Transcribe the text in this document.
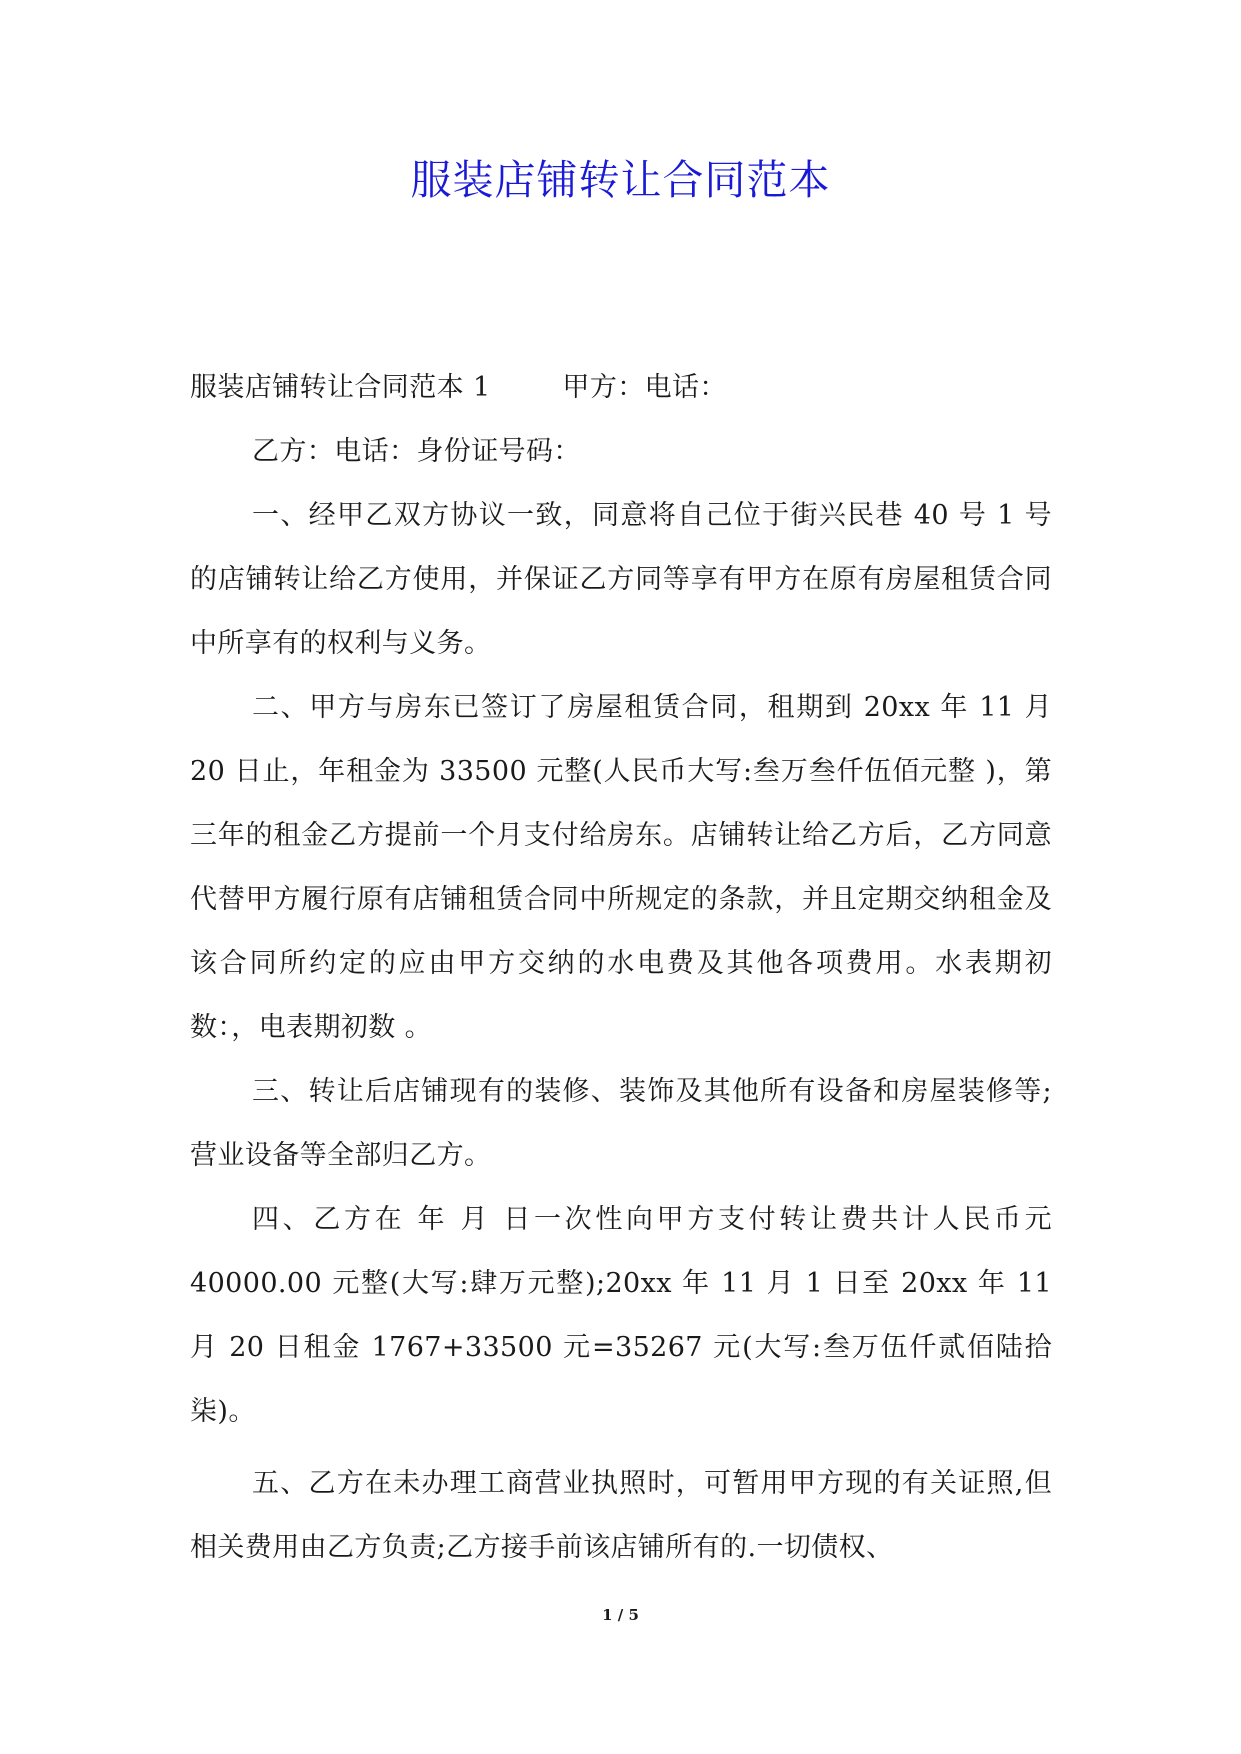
服装店铺转让合同范本

服装店铺转让合同范本 1        甲方：电话：

乙方：电话：身份证号码：

一、经甲乙双方协议一致，同意将自己位于街兴民巷 40 号 1 号的店铺转让给乙方使用，并保证乙方同等享有甲方在原有房屋租赁合同中所享有的权利与义务。

二、甲方与房东已签订了房屋租赁合同，租期到 20xx 年 11 月 20 日止，年租金为 33500 元整(人民币大写:叁万叁仟伍佰元整 )，第三年的租金乙方提前一个月支付给房东。店铺转让给乙方后，乙方同意代替甲方履行原有店铺租赁合同中所规定的条款，并且定期交纳租金及该合同所约定的应由甲方交纳的水电费及其他各项费用。水表期初数：，电表期初数 。

三、转让后店铺现有的装修、装饰及其他所有设备和房屋装修等;营业设备等全部归乙方。

四、乙方在 年 月 日一次性向甲方支付转让费共计人民币元 40000.00 元整(大写:肆万元整);20xx 年 11 月 1 日至 20xx 年 11 月 20 日租金 1767+33500 元=35267 元(大写:叁万伍仟贰佰陆拾柒)。

五、乙方在未办理工商营业执照时，可暂用甲方现的有关证照,但相关费用由乙方负责;乙方接手前该店铺所有的.一切债权、

1 / 5
